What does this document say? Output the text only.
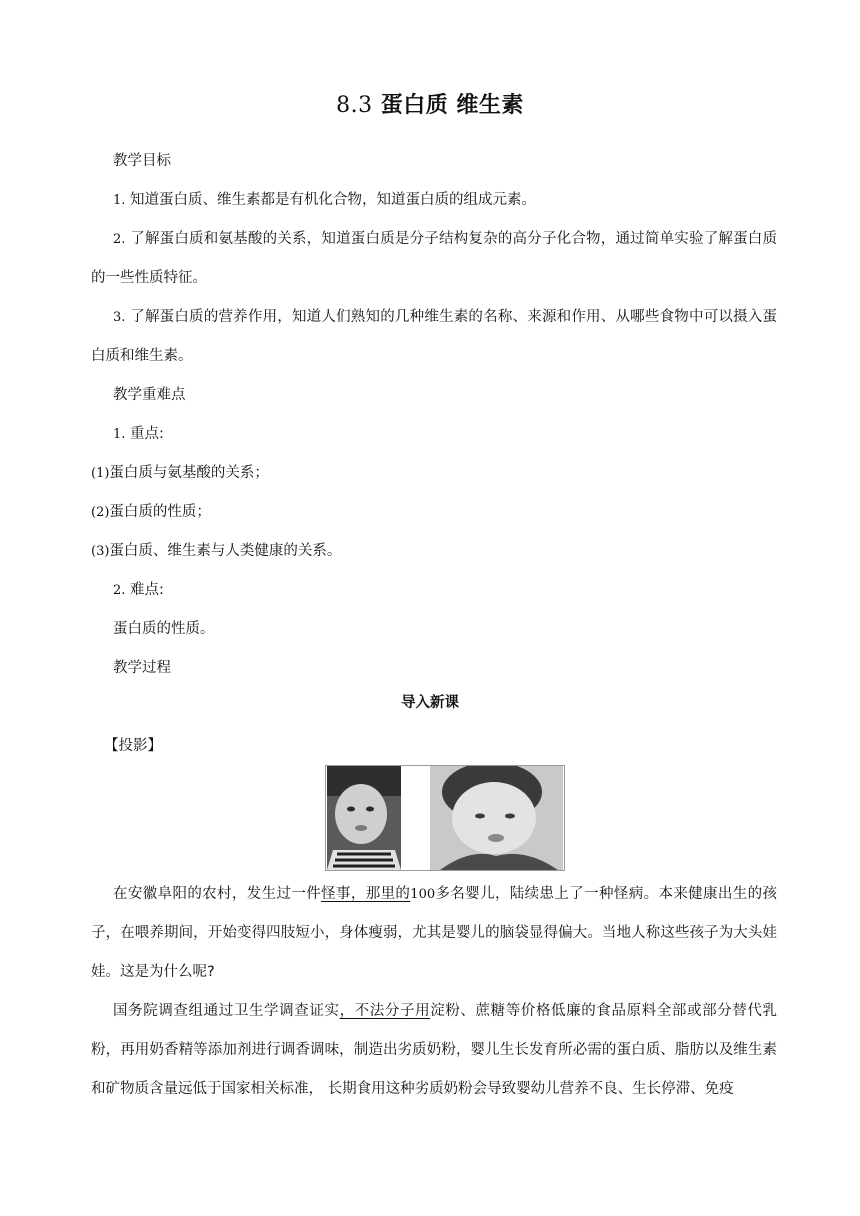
8.3 蛋白质 维生素

教学目标

1. 知道蛋白质、维生素都是有机化合物，知道蛋白质的组成元素。

2. 了解蛋白质和氨基酸的关系，知道蛋白质是分子结构复杂的高分子化合物，通过简单实验了解蛋白质的一些性质特征。

3. 了解蛋白质的营养作用，知道人们熟知的几种维生素的名称、来源和作用、从哪些食物中可以摄入蛋白质和维生素。

教学重难点

1. 重点:

(1)蛋白质与氨基酸的关系；

(2)蛋白质的性质；

(3)蛋白质、维生素与人类健康的关系。

2. 难点:

蛋白质的性质。

教学过程

导入新课

【投影】

在安徽阜阳的农村，发生过一件怪事，那里的100多名婴儿，陆续患上了一种怪病。本来健康出生的孩子，在喂养期间，开始变得四肢短小，身体瘦弱，尤其是婴儿的脑袋显得偏大。当地人称这些孩子为大头娃娃。这是为什么呢?

国务院调查组通过卫生学调查证实，不法分子用淀粉、蔗糖等价格低廉的食品原料全部或部分替代乳粉，再用奶香精等添加剂进行调香调味，制造出劣质奶粉，婴儿生长发育所必需的蛋白质、脂肪以及维生素和矿物质含量远低于国家相关标准， 长期食用这种劣质奶粉会导致婴幼儿营养不良、生长停滞、免疫
